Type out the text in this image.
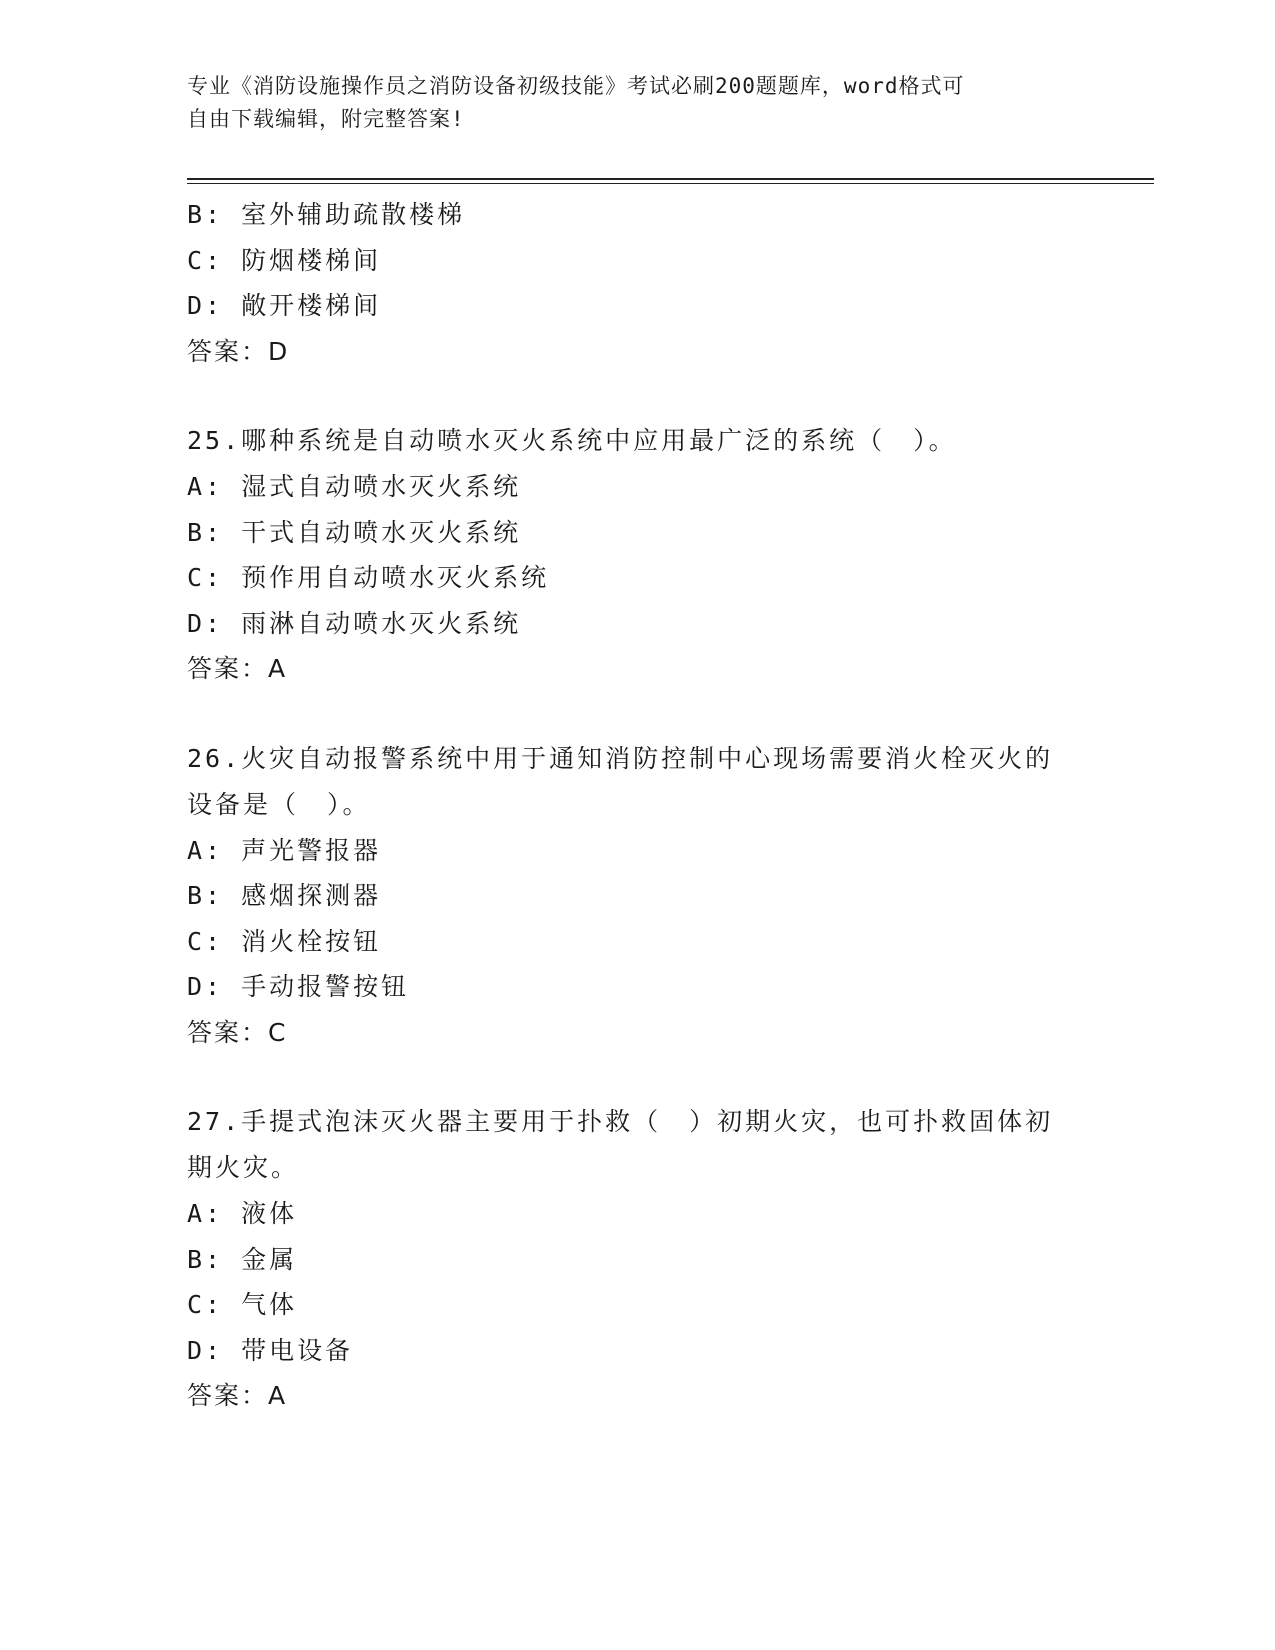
专业《消防设施操作员之消防设备初级技能》考试必刷200题题库，word格式可

自由下载编辑，附完整答案!

B: 室外辅助疏散楼梯
C: 防烟楼梯间
D: 敞开楼梯间
答案：D
25.哪种系统是自动喷水灭火系统中应用最广泛的系统（　）。
A: 湿式自动喷水灭火系统
B: 干式自动喷水灭火系统
C: 预作用自动喷水灭火系统
D: 雨淋自动喷水灭火系统
答案：A
26.火灾自动报警系统中用于通知消防控制中心现场需要消火栓灭火的设备是（　）。
A: 声光警报器
B: 感烟探测器
C: 消火栓按钮
D: 手动报警按钮
答案：C
27.手提式泡沫灭火器主要用于扑救（　）初期火灾，也可扑救固体初期火灾。
A: 液体
B: 金属
C: 气体
D: 带电设备
答案：A
